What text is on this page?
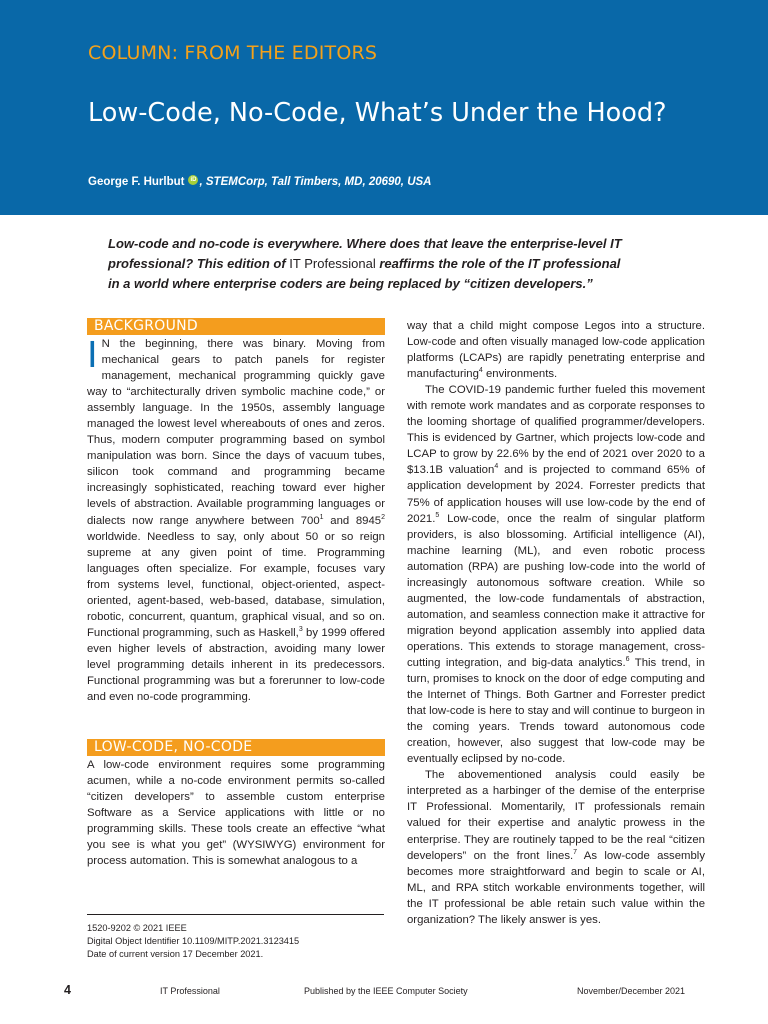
COLUMN: FROM THE EDITORS
Low-Code, No-Code, What’s Under the Hood?
George F. Hurlbut iD , STEMCorp, Tall Timbers, MD, 20690, USA

Low-code and no-code is everywhere. Where does that leave the enterprise-level IT professional? This edition of IT Professional reaffirms the role of the IT professional in a world where enterprise coders are being replaced by “citizen developers.”

BACKGROUND

I N the beginning, there was binary. Moving from mechanical gears to patch panels for register management, mechanical programming quickly gave way to “architecturally driven symbolic machine code,” or assembly language. In the 1950s, assembly language managed the lowest level whereabouts of ones and zeros. Thus, modern computer programming based on symbol manipulation was born. Since the days of vacuum tubes, silicon took command and programming became increasingly sophisticated, reaching toward ever higher levels of abstraction. Available programming languages or dialects now range anywhere between $700^1$ and 8945$^2$ worldwide. Needless to say, only about 50 or so reign supreme at any given point of time. Programming languages often specialize. For example, focuses vary from systems level, functional, object-oriented, aspect-oriented, agent-based, web-based, database, simulation, robotic, concurrent, quantum, graphical visual, and so on. Functional programming, such as Haskell,$^3$ by 1999 offered even higher levels of abstraction, avoiding many lower level programming details inherent in its predecessors. Functional programming was but a forerunner to low-code and even no-code programming.

LOW-CODE, NO-CODE

A low-code environment requires some programming acumen, while a no-code environment permits so-called “citizen developers” to assemble custom enterprise Software as a Service applications with little or no programming skills. These tools create an effective “what you see is what you get” (WYSIWYG) environment for process automation. This is somewhat analogous to a

way that a child might compose Legos into a structure. Low-code and often visually managed low-code application platforms (LCAPs) are rapidly penetrating enterprise and manufacturing$^4$ environments.

The COVID-19 pandemic further fueled this movement with remote work mandates and as corporate responses to the looming shortage of qualified programmer/developers. This is evidenced by Gartner, which projects low-code and LCAP to grow by 22.6% by the end of 2021 over 2020 to a $13.1B valuation$^4$ and is projected to command 65% of application development by 2024. Forrester predicts that 75% of application houses will use low-code by the end of 2021.$^5$ Low-code, once the realm of singular platform providers, is also blossoming. Artificial intelligence (AI), machine learning (ML), and even robotic process automation (RPA) are pushing low-code into the world of increasingly autonomous software creation. While so augmented, the low-code fundamentals of abstraction, automation, and seamless connection make it attractive for migration beyond application assembly into applied data operations. This extends to storage management, cross-cutting integration, and big-data analytics.$^6$ This trend, in turn, promises to knock on the door of edge computing and the Internet of Things. Both Gartner and Forrester predict that low-code is here to stay and will continue to burgeon in the coming years. Trends toward autonomous code creation, however, also suggest that low-code may be eventually eclipsed by no-code.

The abovementioned analysis could easily be interpreted as a harbinger of the demise of the enterprise IT Professional. Momentarily, IT professionals remain valued for their expertise and analytic prowess in the enterprise. They are routinely tapped to be the real “citizen developers” on the front lines.$^7$ As low-code assembly becomes more straightforward and begin to scale or AI, ML, and RPA stitch workable environments together, will the IT professional be able retain such value within the organization? The likely answer is yes.

1520-9202 © 2021 IEEE
Digital Object Identifier 10.1109/MITP.2021.3123415
Date of current version 17 December 2021.
4	IT Professional	Published by the IEEE Computer Society	November/December 2021
